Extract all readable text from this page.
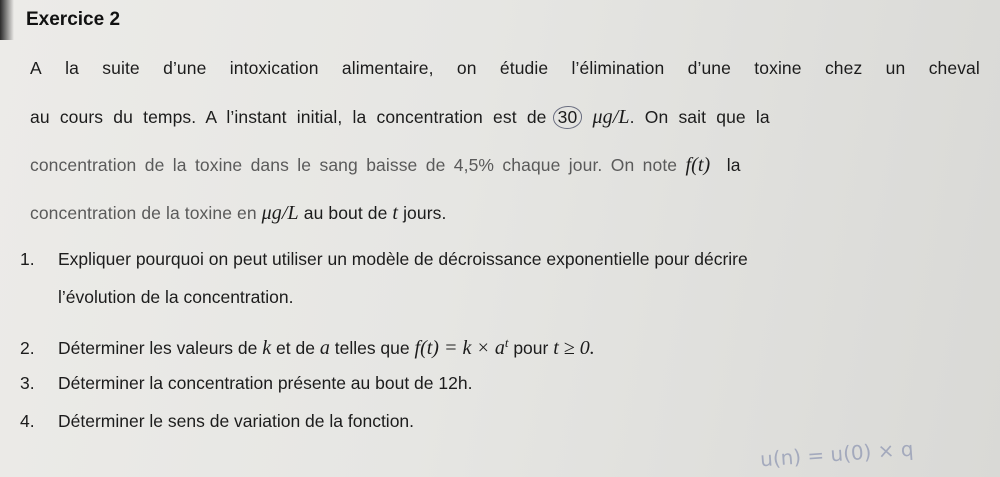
Exercice 2
A la suite d’une intoxication alimentaire, on étudie l’élimination d’une toxine chez un cheval
au cours du temps. A l’instant initial, la concentration est de 30 μg/L. On sait que la
concentration de la toxine dans le sang baisse de 4,5% chaque jour. On note f(t) la
concentration de la toxine en μg/L au bout de t jours.
1. Expliquer pourquoi on peut utiliser un modèle de décroissance exponentielle pour décrire
l’évolution de la concentration.
2. Déterminer les valeurs de k et de a telles que $f(t) = k \times a^t$ pour t ≥ 0.
3. Déterminer la concentration présente au bout de 12h.
4. Déterminer le sens de variation de la fonction.
u(n) = u(0) × q
